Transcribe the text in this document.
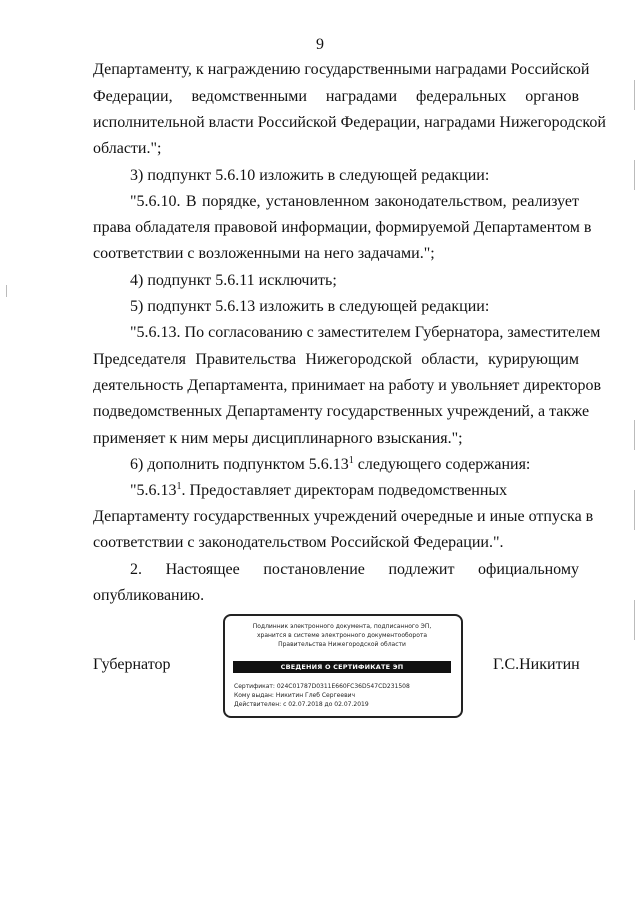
9
Департаменту, к награждению государственными наградами Российской
Федерации, ведомственными наградами федеральных органов
исполнительной власти Российской Федерации, наградами Нижегородской
области.";
3) подпункт 5.6.10 изложить в следующей редакции:
"5.6.10. В порядке, установленном законодательством, реализует
права обладателя правовой информации, формируемой Департаментом в
соответствии с возложенными на него задачами.";
4) подпункт 5.6.11 исключить;
5) подпункт 5.6.13 изложить в следующей редакции:
"5.6.13. По согласованию с заместителем Губернатора, заместителем
Председателя Правительства Нижегородской области, курирующим
деятельность Департамента, принимает на работу и увольняет директоров
подведомственных Департаменту государственных учреждений, а также
применяет к ним меры дисциплинарного взыскания.";
6) дополнить подпунктом 5.6.13$^1$ следующего содержания:
"5.6.13$^1$. Предоставляет директорам подведомственных
Департаменту государственных учреждений очередные и иные отпуска в
соответствии с законодательством Российской Федерации.".
2. Настоящее постановление подлежит официальному
опубликованию.
Губернатор	Г.С.Никитин
Подлинник электронного документа, подписанного ЭП,
хранится в системе электронного документооборота
Правительства Нижегородской области
СВЕДЕНИЯ О СЕРТИФИКАТЕ ЭП
Сертификат: 024C01787D0311E660FC36D547CD231508
Кому выдан: Никитин Глеб Сергеевич
Действителен: с 02.07.2018 до 02.07.2019
